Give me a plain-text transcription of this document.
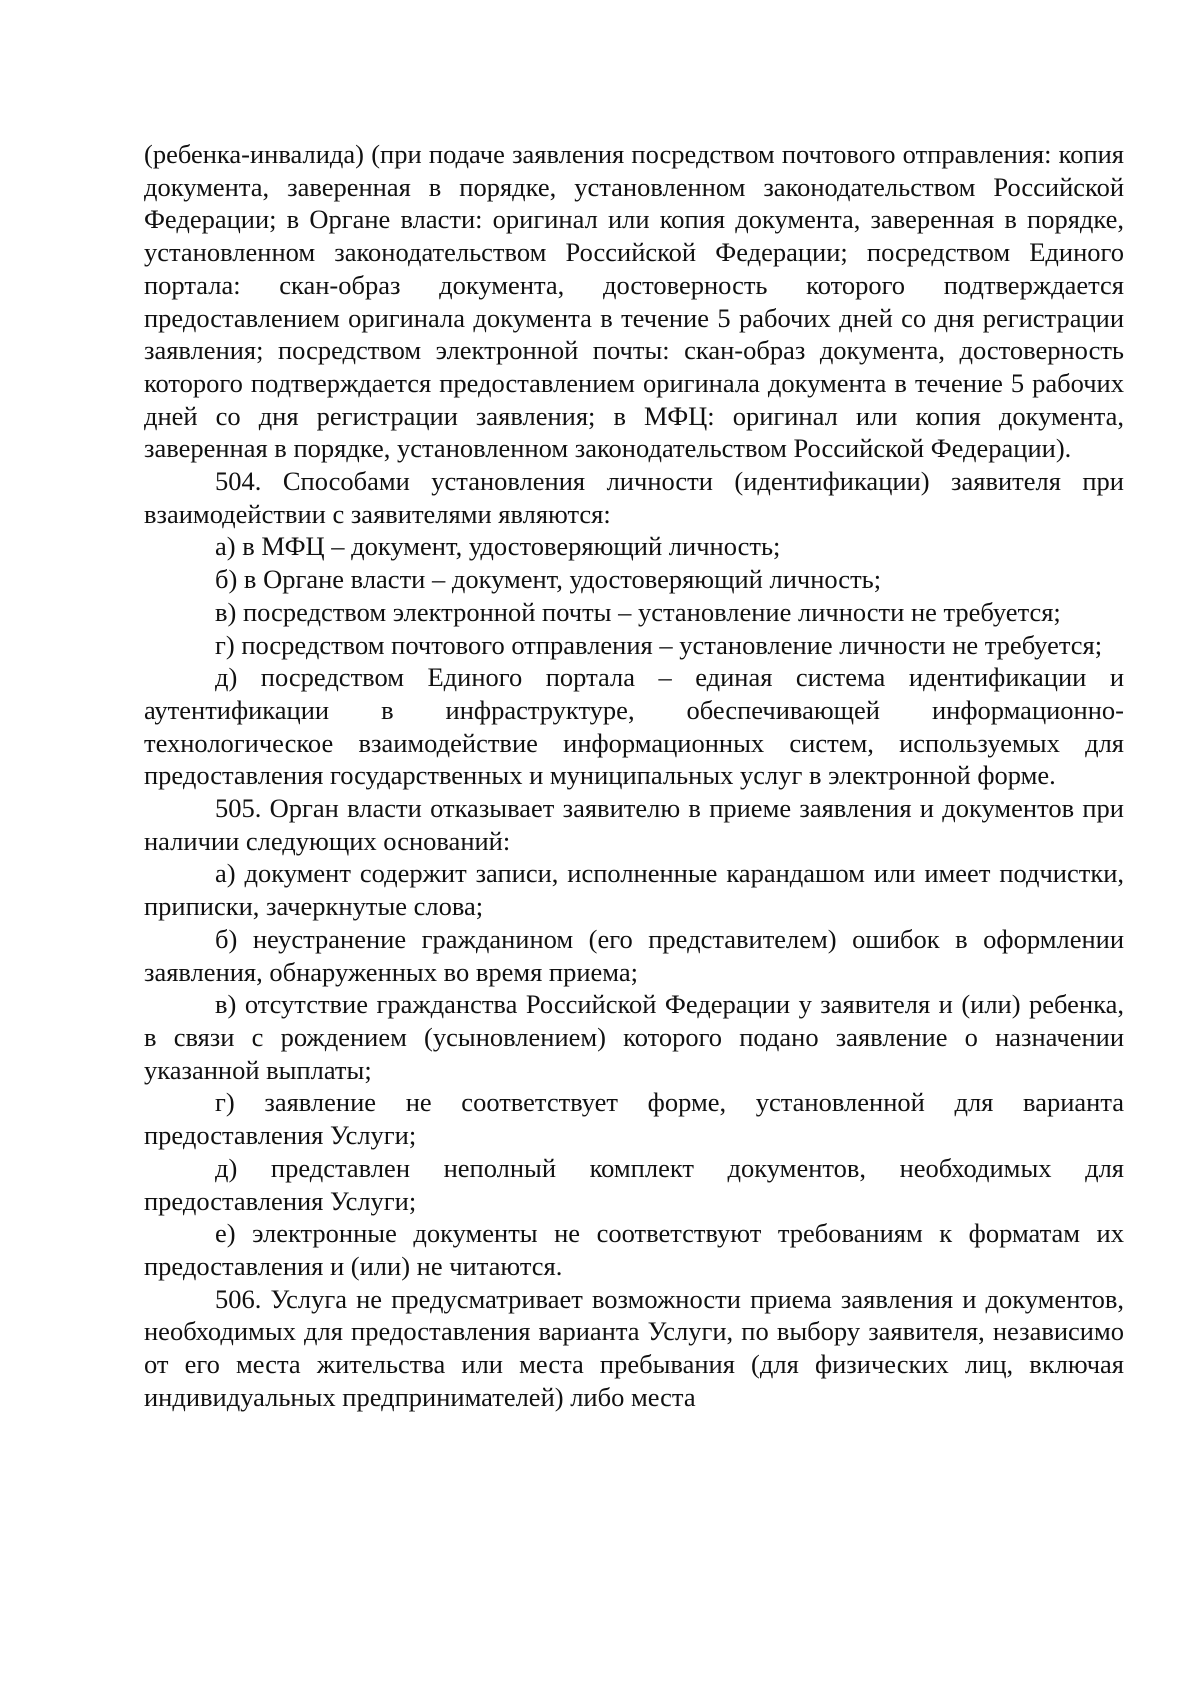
(ребенка-инвалида) (при подаче заявления посредством почтового отправления: копия документа, заверенная в порядке, установленном законодательством Российской Федерации; в Органе власти: оригинал или копия документа, заверенная в порядке, установленном законодательством Российской Федерации; посредством Единого портала: скан-образ документа, достоверность которого подтверждается предоставлением оригинала документа в течение 5 рабочих дней со дня регистрации заявления; посредством электронной почты: скан-образ документа, достоверность которого подтверждается предоставлением оригинала документа в течение 5 рабочих дней со дня регистрации заявления; в МФЦ: оригинал или копия документа, заверенная в порядке, установленном законодательством Российской Федерации).

504. Способами установления личности (идентификации) заявителя при взаимодействии с заявителями являются:

а) в МФЦ – документ, удостоверяющий личность;

б) в Органе власти – документ, удостоверяющий личность;

в) посредством электронной почты – установление личности не требуется;

г) посредством почтового отправления – установление личности не требуется;

д) посредством Единого портала – единая система идентификации и аутентификации в инфраструктуре, обеспечивающей информационно-технологическое взаимодействие информационных систем, используемых для предоставления государственных и муниципальных услуг в электронной форме.

505. Орган власти отказывает заявителю в приеме заявления и документов при наличии следующих оснований:

а) документ содержит записи, исполненные карандашом или имеет подчистки, приписки, зачеркнутые слова;

б) неустранение гражданином (его представителем) ошибок в оформлении заявления, обнаруженных во время приема;

в) отсутствие гражданства Российской Федерации у заявителя и (или) ребенка, в связи с рождением (усыновлением) которого подано заявление о назначении указанной выплаты;

г) заявление не соответствует форме, установленной для варианта предоставления Услуги;

д) представлен неполный комплект документов, необходимых для предоставления Услуги;

е) электронные документы не соответствуют требованиям к форматам их предоставления и (или) не читаются.

506. Услуга не предусматривает возможности приема заявления и документов, необходимых для предоставления варианта Услуги, по выбору заявителя, независимо от его места жительства или места пребывания (для физических лиц, включая индивидуальных предпринимателей) либо места
